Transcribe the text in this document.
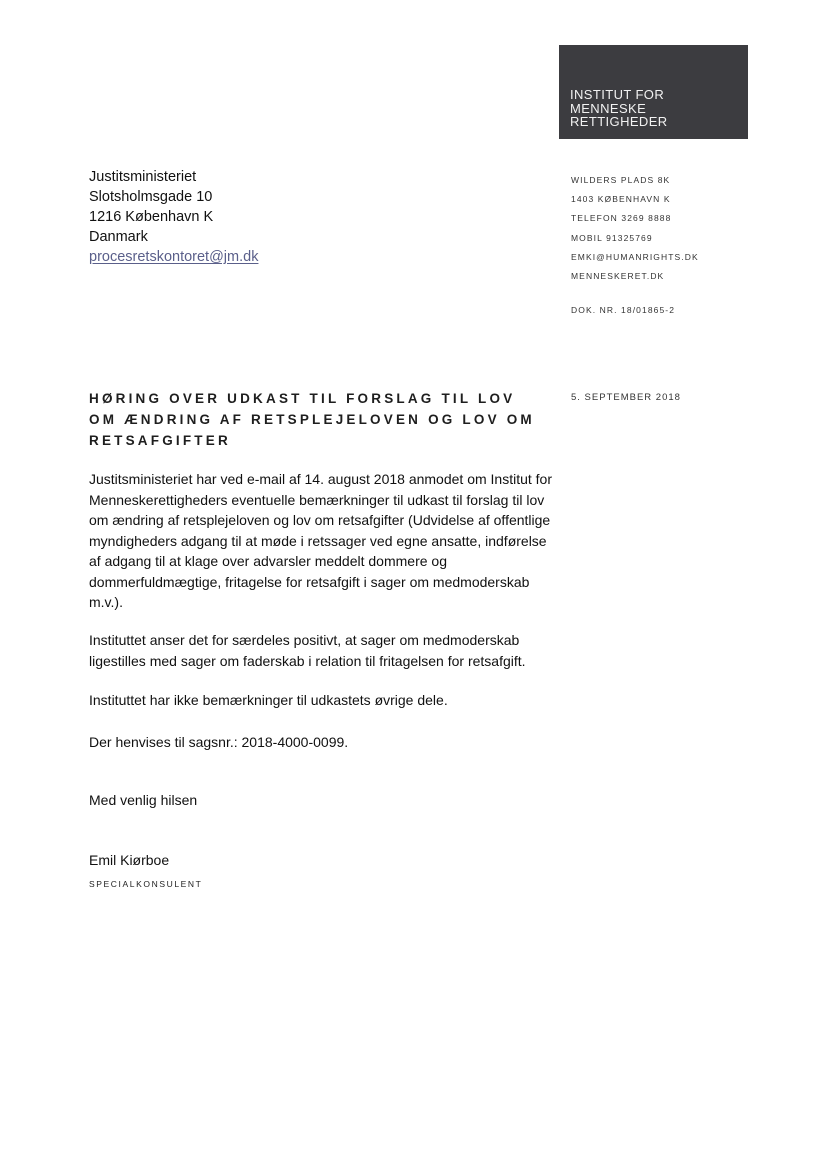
INSTITUT FOR
MENNESKE
RETTIGHEDER
Justitsministeriet
Slotsholmsgade 10
1216 København K
Danmark
procesretskontoret@jm.dk
WILDERS PLADS 8K
1403 KØBENHAVN K
TELEFON 3269 8888
MOBIL 91325769
EMKI@HUMANRIGHTS.DK
MENNESKERET.DK
DOK. NR. 18/01865-2
5. SEPTEMBER 2018
HØRING OVER UDKAST TIL FORSLAG TIL LOV OM ÆNDRING AF RETSPLEJELOVEN OG LOV OM RETSAFGIFTER

Justitsministeriet har ved e-mail af 14. august 2018 anmodet om Institut for Menneskerettigheders eventuelle bemærkninger til udkast til forslag til lov om ændring af retsplejeloven og lov om retsafgifter (Udvidelse af offentlige myndigheders adgang til at møde i retssager ved egne ansatte, indførelse af adgang til at klage over advarsler meddelt dommere og dommerfuldmægtige, fritagelse for retsafgift i sager om medmoderskab m.v.).

Instituttet anser det for særdeles positivt, at sager om medmoderskab ligestilles med sager om faderskab i relation til fritagelsen for retsafgift.

Instituttet har ikke bemærkninger til udkastets øvrige dele.

Der henvises til sagsnr.: 2018-4000-0099.

Med venlig hilsen

Emil Kiørboe

SPECIALKONSULENT
